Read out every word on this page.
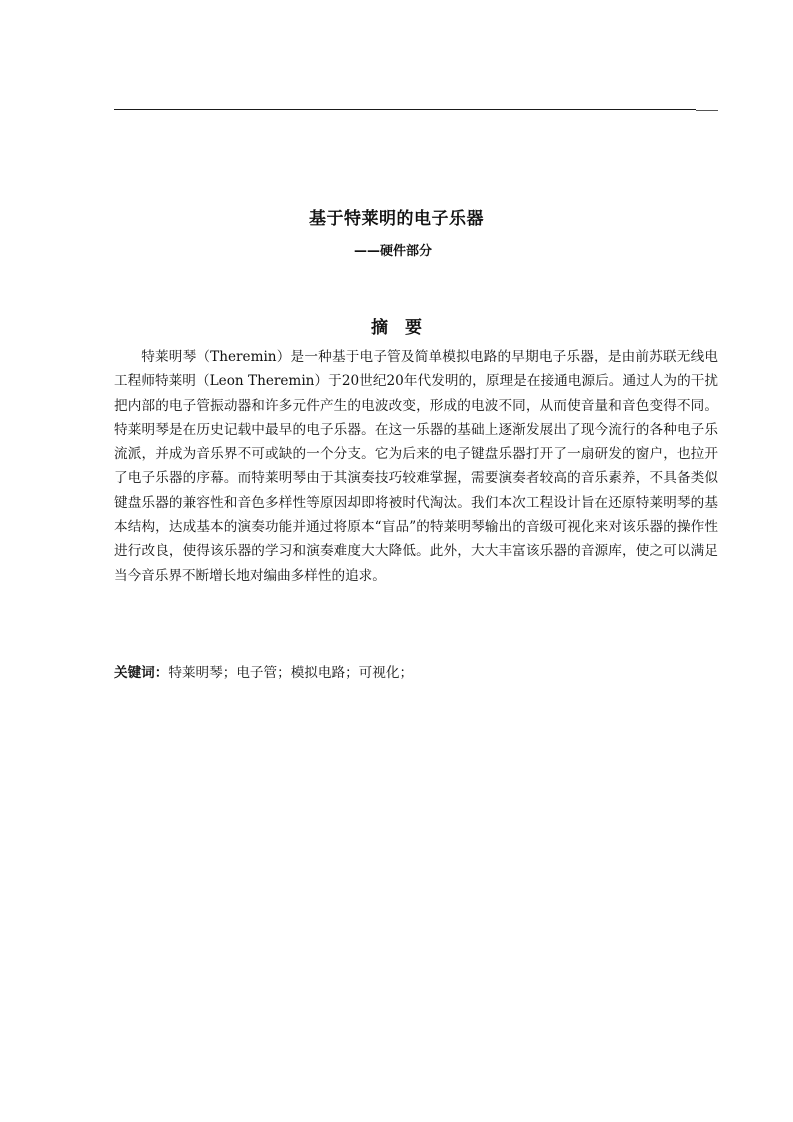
基于特莱明的电子乐器
——硬件部分
摘　要

特莱明琴（Theremin）是一种基于电子管及简单模拟电路的早期电子乐器，是由前苏联无线电工程师特莱明（Leon Theremin）于20世纪20年代发明的，原理是在接通电源后。通过人为的干扰把内部的电子管振动器和许多元件产生的电波改变，形成的电波不同，从而使音量和音色变得不同。特莱明琴是在历史记载中最早的电子乐器。在这一乐器的基础上逐渐发展出了现今流行的各种电子乐流派，并成为音乐界不可或缺的一个分支。它为后来的电子键盘乐器打开了一扇研发的窗户，也拉开了电子乐器的序幕。而特莱明琴由于其演奏技巧较难掌握，需要演奏者较高的音乐素养，不具备类似键盘乐器的兼容性和音色多样性等原因却即将被时代淘汰。我们本次工程设计旨在还原特莱明琴的基本结构，达成基本的演奏功能并通过将原本“盲品”的特莱明琴输出的音级可视化来对该乐器的操作性进行改良，使得该乐器的学习和演奏难度大大降低。此外，大大丰富该乐器的音源库，使之可以满足当今音乐界不断增长地对编曲多样性的追求。

关键词：特莱明琴；电子管；模拟电路；可视化；
